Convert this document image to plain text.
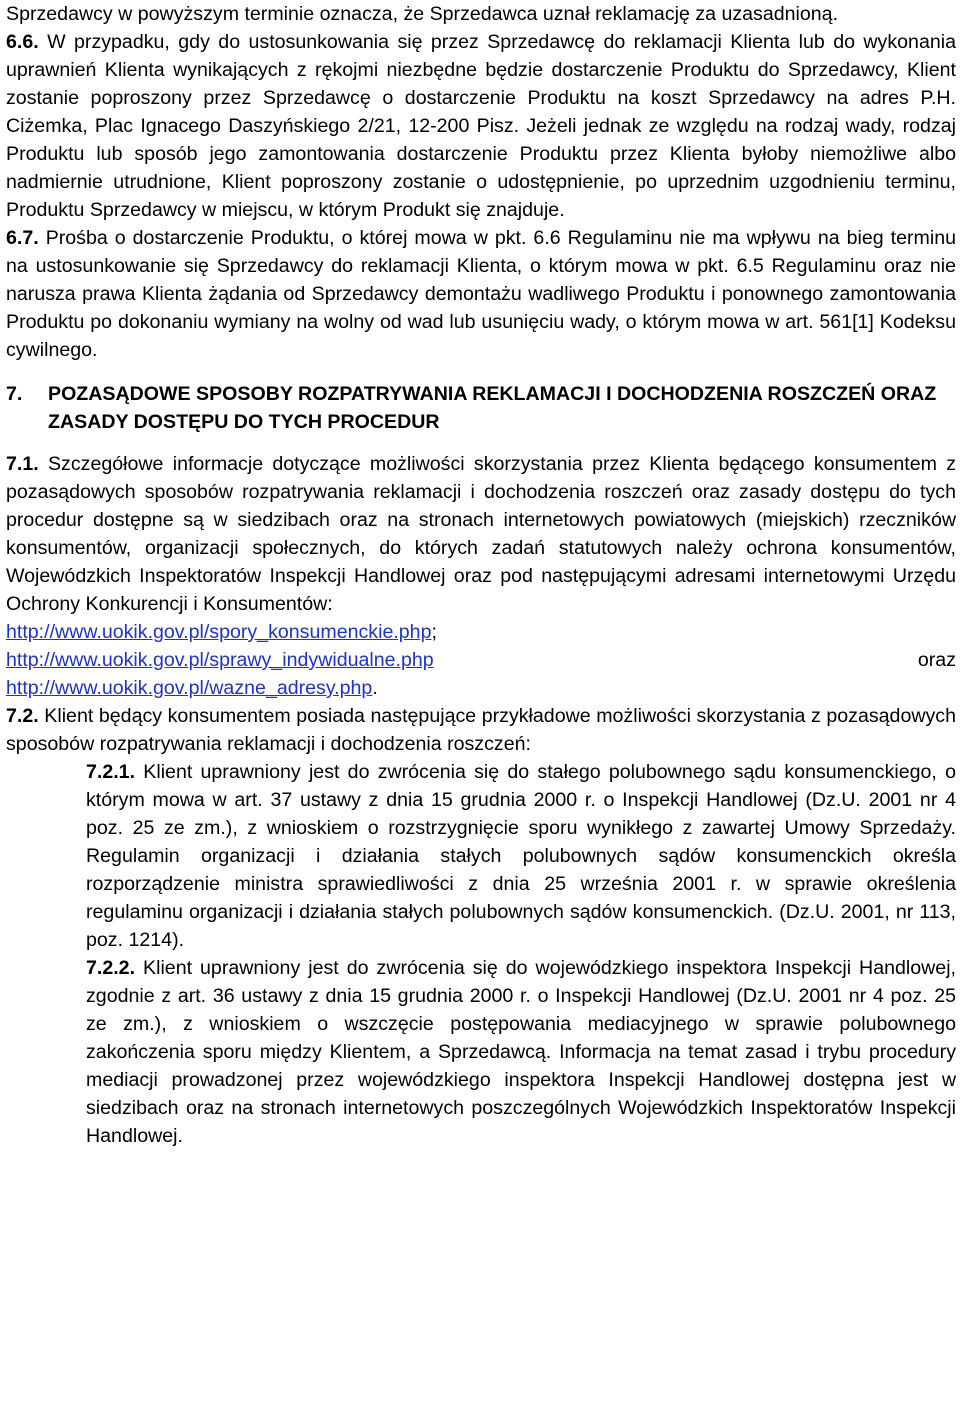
Sprzedawcy w powyższym terminie oznacza, że Sprzedawca uznał reklamację za uzasadnioną.

6.6. W przypadku, gdy do ustosunkowania się przez Sprzedawcę do reklamacji Klienta lub do wykonania uprawnień Klienta wynikających z rękojmi niezbędne będzie dostarczenie Produktu do Sprzedawcy, Klient zostanie poproszony przez Sprzedawcę o dostarczenie Produktu na koszt Sprzedawcy na adres P.H. Ciżemka, Plac Ignacego Daszyńskiego 2/21, 12-200 Pisz. Jeżeli jednak ze względu na rodzaj wady, rodzaj Produktu lub sposób jego zamontowania dostarczenie Produktu przez Klienta byłoby niemożliwe albo nadmiernie utrudnione, Klient poproszony zostanie o udostępnienie, po uprzednim uzgodnieniu terminu, Produktu Sprzedawcy w miejscu, w którym Produkt się znajduje.

6.7. Prośba o dostarczenie Produktu, o której mowa w pkt. 6.6 Regulaminu nie ma wpływu na bieg terminu na ustosunkowanie się Sprzedawcy do reklamacji Klienta, o którym mowa w pkt. 6.5 Regulaminu oraz nie narusza prawa Klienta żądania od Sprzedawcy demontażu wadliwego Produktu i ponownego zamontowania Produktu po dokonaniu wymiany na wolny od wad lub usunięciu wady, o którym mowa w art. 561[1] Kodeksu cywilnego.

7.	POZASĄDOWE SPOSOBY ROZPATRYWANIA REKLAMACJI I DOCHODZENIA ROSZCZEŃ ORAZ ZASADY DOSTĘPU DO TYCH PROCEDUR

7.1. Szczegółowe informacje dotyczące możliwości skorzystania przez Klienta będącego konsumentem z pozasądowych sposobów rozpatrywania reklamacji i dochodzenia roszczeń oraz zasady dostępu do tych procedur dostępne są w siedzibach oraz na stronach internetowych powiatowych (miejskich) rzeczników konsumentów, organizacji społecznych, do których zadań statutowych należy ochrona konsumentów, Wojewódzkich Inspektoratów Inspekcji Handlowej oraz pod następującymi adresami internetowymi Urzędu Ochrony Konkurencji i Konsumentów:
http://www.uokik.gov.pl/spory_konsumenckie.php;

http://www.uokik.gov.pl/sprawy_indywidualne.php	oraz

http://www.uokik.gov.pl/wazne_adresy.php.

7.2. Klient będący konsumentem posiada następujące przykładowe możliwości skorzystania z pozasądowych sposobów rozpatrywania reklamacji i dochodzenia roszczeń:

7.2.1. Klient uprawniony jest do zwrócenia się do stałego polubownego sądu konsumenckiego, o którym mowa w art. 37 ustawy z dnia 15 grudnia 2000 r. o Inspekcji Handlowej (Dz.U. 2001 nr 4 poz. 25 ze zm.), z wnioskiem o rozstrzygnięcie sporu wynikłego z zawartej Umowy Sprzedaży. Regulamin organizacji i działania stałych polubownych sądów konsumenckich określa rozporządzenie ministra sprawiedliwości z dnia 25 września 2001 r. w sprawie określenia regulaminu organizacji i działania stałych polubownych sądów konsumenckich. (Dz.U. 2001, nr 113, poz. 1214).

7.2.2. Klient uprawniony jest do zwrócenia się do wojewódzkiego inspektora Inspekcji Handlowej, zgodnie z art. 36 ustawy z dnia 15 grudnia 2000 r. o Inspekcji Handlowej (Dz.U. 2001 nr 4 poz. 25 ze zm.), z wnioskiem o wszczęcie postępowania mediacyjnego w sprawie polubownego zakończenia sporu między Klientem, a Sprzedawcą. Informacja na temat zasad i trybu procedury mediacji prowadzonej przez wojewódzkiego inspektora Inspekcji Handlowej dostępna jest w siedzibach oraz na stronach internetowych poszczególnych Wojewódzkich Inspektoratów Inspekcji Handlowej.
